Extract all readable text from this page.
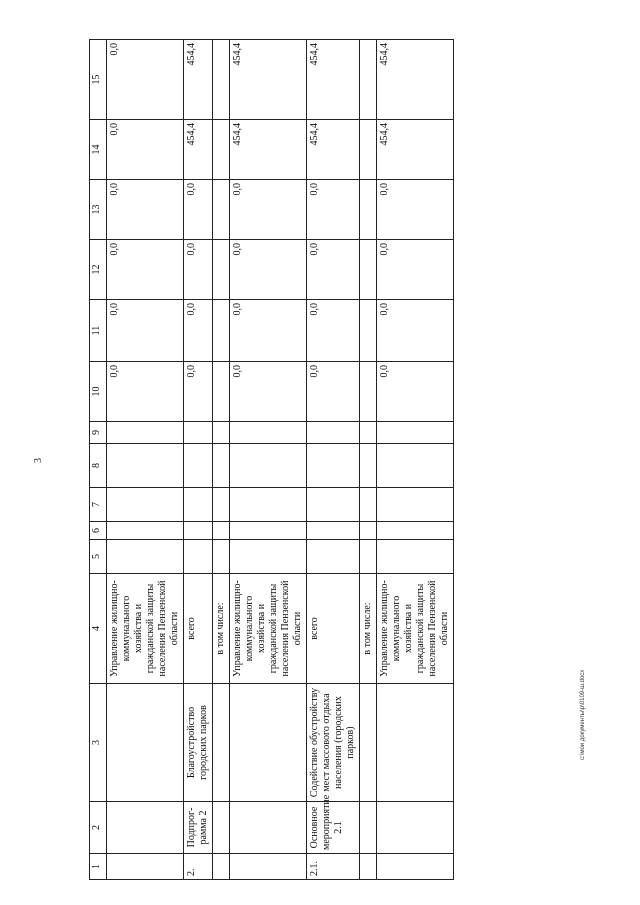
3
1	2	3	4	5	6	7	8	9	10	11	12	13	14	15
			Управление жилищно-коммунального хозяйства и гражданской защиты населения Пензенской области						0,0	0,0	0,0	0,0	0,0	0,0
2.	Подпрог-рамма 2	Благоустройство городских парков	всего						0,0	0,0	0,0	0,0	454,4	454,4
			в том числе:											
			Управление жилищно-коммунального хозяйства и гражданской защиты населения Пензенской области						0,0	0,0	0,0	0,0	454,4	454,4
2.1.	Основное мероприятие 2.1	Содействие обустройству мест массового отдыха населения (городских парков)	всего						0,0	0,0	0,0	0,0	454,4	454,4
			в том числе:											
			Управление жилищно-коммунального хозяйства и гражданской защиты населения Пензенской области						0,0	0,0	0,0	0,0	454,4	454,4
c:\мои документы\р\0109-ш.docx
